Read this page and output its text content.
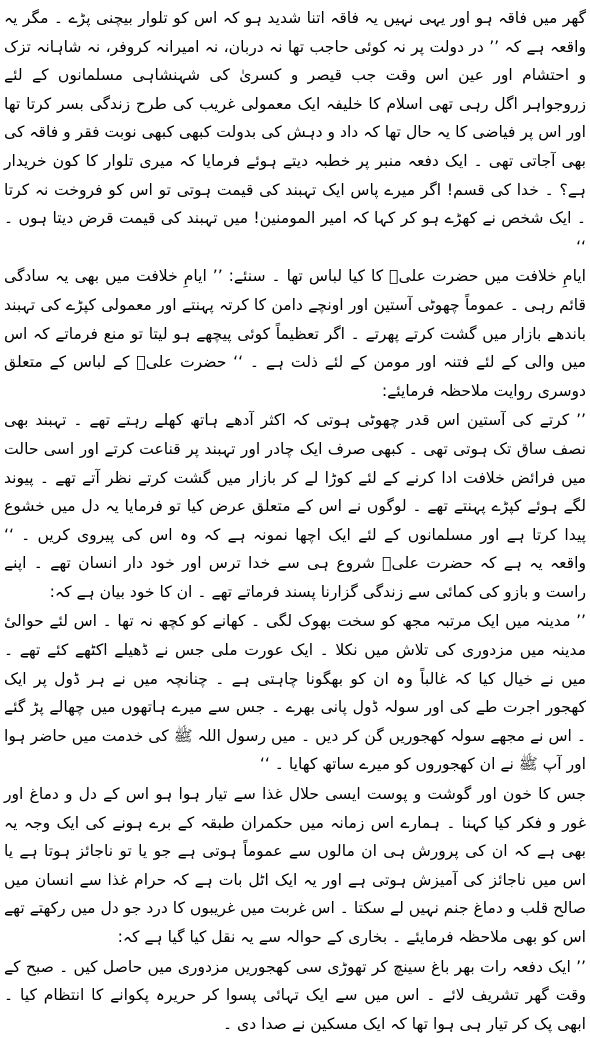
گھر میں فاقہ ہو اور یہی نہیں یہ فاقہ اتنا شدید ہو کہ اس کو تلوار بیچنی پڑے ۔ مگر یہ واقعہ ہے کہ ’’ در دولت پر نہ کوئی حاجب تھا نہ دربان، نہ امیرانہ کروفر، نہ شاہانہ تزک و احتشام اور عین اس وقت جب قیصر و کسریٰ کی شہنشاہی مسلمانوں کے لئے زروجواہر اگل رہی تھی اسلام کا خلیفہ ایک معمولی غریب کی طرح زندگی بسر کرتا تھا اور اس پر فیاضی کا یہ حال تھا کہ داد و دہش کی بدولت کبھی کبھی نوبت فقر و فاقہ کی بھی آجاتی تھی ۔ ایک دفعہ منبر پر خطبہ دیتے ہوئے فرمایا کہ میری تلوار کا کون خریدار ہے؟ ۔ خدا کی قسم! اگر میرے پاس ایک تہبند کی قیمت ہوتی تو اس کو فروخت نہ کرتا ۔ ایک شخص نے کھڑے ہو کر کہا کہ امیر المومنین! میں تہبند کی قیمت قرض دیتا ہوں ۔ ‘‘

ایامِ خلافت میں حضرت علیؓ کا کیا لباس تھا ۔ سنئے: ’’ ایامِ خلافت میں بھی یہ سادگی قائم رہی ۔ عموماً چھوٹی آستین اور اونچے دامن کا کرتہ پہنتے اور معمولی کپڑے کی تہبند باندھے بازار میں گشت کرتے پھرتے ۔ اگر تعظیماً کوئی پیچھے ہو لیتا تو منع فرماتے کہ اس میں والی کے لئے فتنہ اور مومن کے لئے ذلت ہے ۔ ‘‘ حضرت علیؓ کے لباس کے متعلق دوسری روایت ملاحظہ فرمایئے:

’’ کرتے کی آستین اس قدر چھوٹی ہوتی کہ اکثر آدھے ہاتھ کھلے رہتے تھے ۔ تہبند بھی نصف ساق تک ہوتی تھی ۔ کبھی صرف ایک چادر اور تہبند پر قناعت کرتے اور اسی حالت میں فرائض خلافت ادا کرنے کے لئے کوڑا لے کر بازار میں گشت کرتے نظر آتے تھے ۔ پیوند لگے ہوئے کپڑے پہنتے تھے ۔ لوگوں نے اس کے متعلق عرض کیا تو فرمایا یہ دل میں خشوع پیدا کرتا ہے اور مسلمانوں کے لئے ایک اچھا نمونہ ہے کہ وہ اس کی پیروی کریں ۔ ‘‘ واقعہ یہ ہے کہ حضرت علیؓ شروع ہی سے خدا ترس اور خود دار انسان تھے ۔ اپنے راست و بازو کی کمائی سے زندگی گزارنا پسند فرماتے تھے ۔ ان کا خود بیان ہے کہ:

’’ مدینہ میں ایک مرتبہ مجھ کو سخت بھوک لگی ۔ کھانے کو کچھ نہ تھا ۔ اس لئے حوالیٔ مدینہ میں مزدوری کی تلاش میں نکلا ۔ ایک عورت ملی جس نے ڈھیلے اکٹھے کئے تھے ۔ میں نے خیال کیا کہ غالباً وہ ان کو بھگونا چاہتی ہے ۔ چنانچہ میں نے ہر ڈول پر ایک کھجور اجرت طے کی اور سولہ ڈول پانی بھرے ۔ جس سے میرے ہاتھوں میں چھالے پڑ گئے ۔ اس نے مجھے سولہ کھجوریں گن کر دیں ۔ میں رسول اللہ ﷺ کی خدمت میں حاضر ہوا اور آپ ﷺ نے ان کھجوروں کو میرے ساتھ کھایا ۔ ‘‘

جس کا خون اور گوشت و پوست ایسی حلال غذا سے تیار ہوا ہو اس کے دل و دماغ اور غور و فکر کیا کہنا ۔ ہمارے اس زمانہ میں حکمران طبقہ کے برے ہونے کی ایک وجہ یہ بھی ہے کہ ان کی پرورش ہی ان مالوں سے عموماً ہوتی ہے جو یا تو ناجائز ہوتا ہے یا اس میں ناجائز کی آمیزش ہوتی ہے اور یہ ایک اٹل بات ہے کہ حرام غذا سے انسان میں صالح قلب و دماغ جنم نہیں لے سکتا ۔ اس غربت میں غریبوں کا درد جو دل میں رکھتے تھے اس کو بھی ملاحظہ فرمایئے ۔ بخاری کے حوالہ سے یہ نقل کیا گیا ہے کہ:

’’ ایک دفعہ رات بھر باغ سینچ کر تھوڑی سی کھجوریں مزدوری میں حاصل کیں ۔ صبح کے وقت گھر تشریف لائے ۔ اس میں سے ایک تہائی پسوا کر حریرہ پکوانے کا انتظام کیا ۔ ابھی پک کر تیار ہی ہوا تھا کہ ایک مسکین نے صدا دی ۔
